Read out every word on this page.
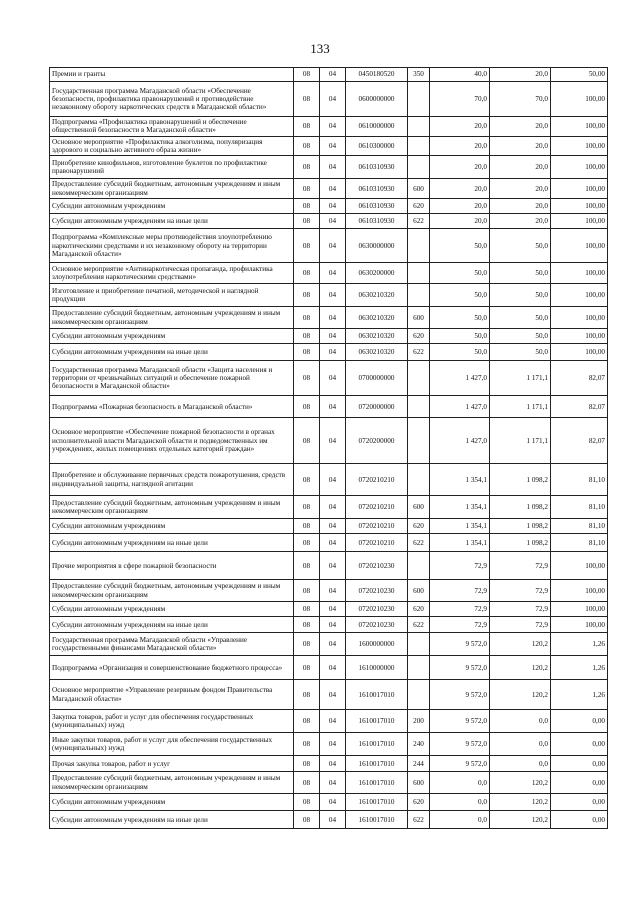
133
Премии и гранты	08	04	0450180520	350	40,0	20,0	50,00
Государственная программа Магаданской области «Обеспечение безопасности, профилактика правонарушений и противодействие незаконному обороту наркотических средств в Магаданской области»	08	04	0600000000		70,0	70,0	100,00
Подпрограмма «Профилактика правонарушений и обеспечение общественной безопасности в Магаданской области»	08	04	0610000000		20,0	20,0	100,00
Основное мероприятие «Профилактика алкоголизма, популяризация здорового и социально активного образа жизни»	08	04	0610300000		20,0	20,0	100,00
Приобретение кинофильмов, изготовление буклетов по профилактике правонарушений	08	04	0610310930		20,0	20,0	100,00
Предоставление субсидий бюджетным, автономным учреждениям и иным некоммерческим организациям	08	04	0610310930	600	20,0	20,0	100,00
Субсидии автономным учреждениям	08	04	0610310930	620	20,0	20,0	100,00
Субсидии автономным учреждениям на иные цели	08	04	0610310930	622	20,0	20,0	100,00
Подпрограмма «Комплексные меры противодействия злоупотреблению наркотическими средствами и их незаконному обороту на территории Магаданской области»	08	04	0630000000		50,0	50,0	100,00
Основное мероприятие «Антинаркотическая пропаганда, профилактика злоупотребления наркотическими средствами»	08	04	0630200000		50,0	50,0	100,00
Изготовление и приобретение печатной, методической и наглядной продукции	08	04	0630210320		50,0	50,0	100,00
Предоставление субсидий бюджетным, автономным учреждениям и иным некоммерческим организациям	08	04	0630210320	600	50,0	50,0	100,00
Субсидии автономным учреждениям	08	04	0630210320	620	50,0	50,0	100,00
Субсидии автономным учреждениям на иные цели	08	04	0630210320	622	50,0	50,0	100,00
Государственная программа Магаданской области «Защита населения и территории от чрезвычайных ситуаций и обеспечение пожарной безопасности в Магаданской области»	08	04	0700000000		1 427,0	1 171,1	82,07
Подпрограмма «Пожарная безопасность в Магаданской области»	08	04	0720000000		1 427,0	1 171,1	82,07
Основное мероприятие «Обеспечение пожарной безопасности в органах исполнительной власти Магаданской области и подведомственных им учреждениях, жилых помещениях отдельных категорий граждан»	08	04	0720200000		1 427,0	1 171,1	82,07
Приобретение и обслуживание первичных средств пожаротушения, средств индивидуальной защиты, наглядной агитации	08	04	0720210210		1 354,1	1 098,2	81,10
Предоставление субсидий бюджетным, автономным учреждениям и иным некоммерческим организациям	08	04	0720210210	600	1 354,1	1 098,2	81,10
Субсидии автономным учреждениям	08	04	0720210210	620	1 354,1	1 098,2	81,10
Субсидии автономным учреждениям на иные цели	08	04	0720210210	622	1 354,1	1 098,2	81,10
Прочие мероприятия в сфере пожарной безопасности	08	04	0720210230		72,9	72,9	100,00
Предоставление субсидий бюджетным, автономным учреждениям и иным некоммерческим организациям	08	04	0720210230	600	72,9	72,9	100,00
Субсидии автономным учреждениям	08	04	0720210230	620	72,9	72,9	100,00
Субсидии автономным учреждениям на иные цели	08	04	0720210230	622	72,9	72,9	100,00
Государственная программа Магаданской области «Управление государственными финансами Магаданской области»	08	04	1600000000		9 572,0	120,2	1,26
Подпрограмма «Организация и совершенствование бюджетного процесса»	08	04	1610000000		9 572,0	120,2	1,26
Основное мероприятие «Управление резервным фондом Правительства Магаданской области»	08	04	1610017010		9 572,0	120,2	1,26
Закупка товаров, работ и услуг для обеспечения государственных (муниципальных) нужд	08	04	1610017010	200	9 572,0	0,0	0,00
Иные закупки товаров, работ и услуг для обеспечения государственных (муниципальных) нужд	08	04	1610017010	240	9 572,0	0,0	0,00
Прочая закупка товаров, работ и услуг	08	04	1610017010	244	9 572,0	0,0	0,00
Предоставление субсидий бюджетным, автономным учреждениям и иным некоммерческим организациям	08	04	1610017010	600	0,0	120,2	0,00
Субсидии автономным учреждениям	08	04	1610017010	620	0,0	120,2	0,00
Субсидии автономным учреждениям на иные цели	08	04	1610017010	622	0,0	120,2	0,00
